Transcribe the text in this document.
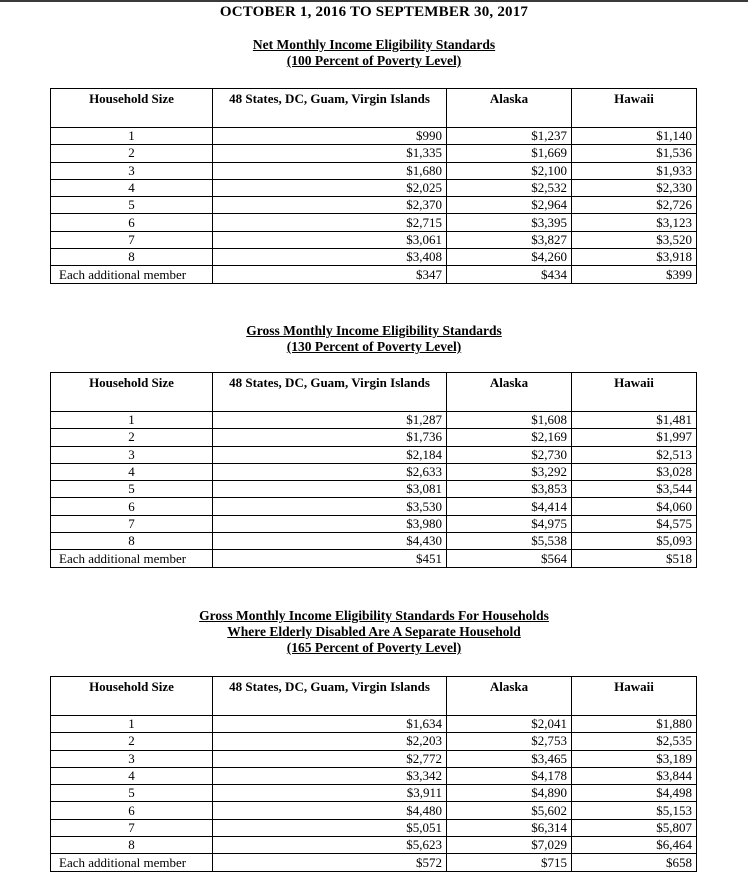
OCTOBER 1, 2016 TO SEPTEMBER 30, 2017
Net Monthly Income Eligibility Standards
(100 Percent of Poverty Level)
Household Size	48 States, DC, Guam, Virgin Islands	Alaska	Hawaii
1	$990	$1,237	$1,140
2	$1,335	$1,669	$1,536
3	$1,680	$2,100	$1,933
4	$2,025	$2,532	$2,330
5	$2,370	$2,964	$2,726
6	$2,715	$3,395	$3,123
7	$3,061	$3,827	$3,520
8	$3,408	$4,260	$3,918
Each additional member	$347	$434	$399
Gross Monthly Income Eligibility Standards
(130 Percent of Poverty Level)
Household Size	48 States, DC, Guam, Virgin Islands	Alaska	Hawaii
1	$1,287	$1,608	$1,481
2	$1,736	$2,169	$1,997
3	$2,184	$2,730	$2,513
4	$2,633	$3,292	$3,028
5	$3,081	$3,853	$3,544
6	$3,530	$4,414	$4,060
7	$3,980	$4,975	$4,575
8	$4,430	$5,538	$5,093
Each additional member	$451	$564	$518
Gross Monthly Income Eligibility Standards For Households
Where Elderly Disabled Are A Separate Household
(165 Percent of Poverty Level)
Household Size	48 States, DC, Guam, Virgin Islands	Alaska	Hawaii
1	$1,634	$2,041	$1,880
2	$2,203	$2,753	$2,535
3	$2,772	$3,465	$3,189
4	$3,342	$4,178	$3,844
5	$3,911	$4,890	$4,498
6	$4,480	$5,602	$5,153
7	$5,051	$6,314	$5,807
8	$5,623	$7,029	$6,464
Each additional member	$572	$715	$658
